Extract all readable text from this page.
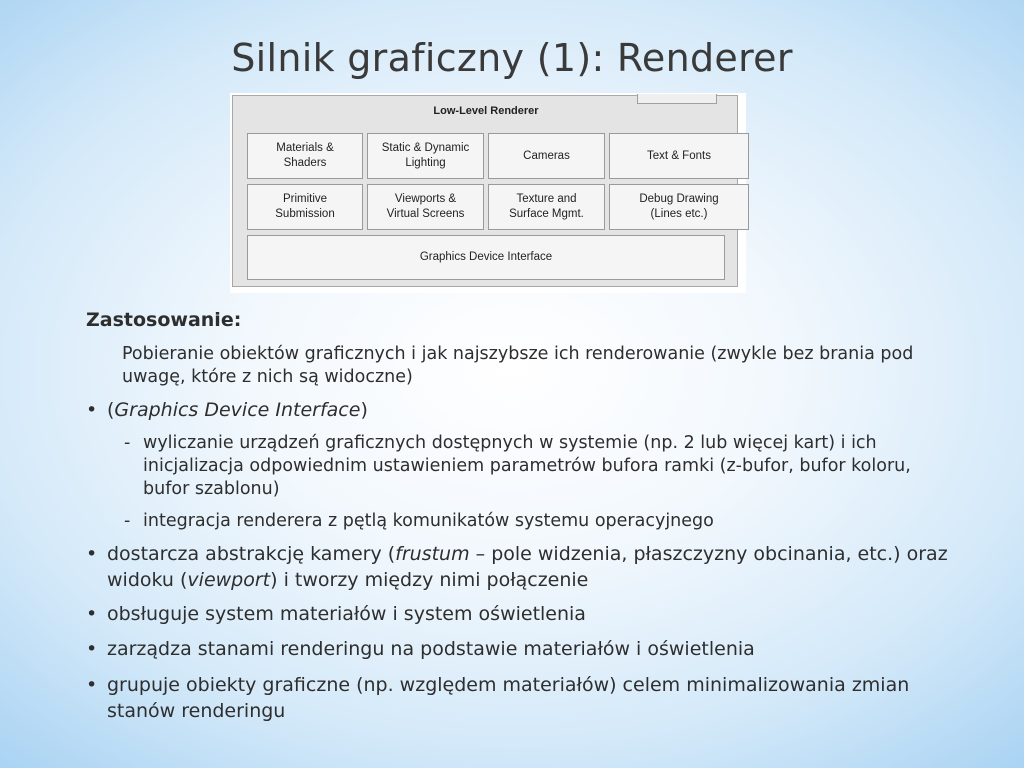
Silnik graficzny (1): Renderer
Low-Level Renderer
Materials &
Shaders
Static & Dynamic
Lighting
Cameras	Text & Fonts
Primitive
Submission
Viewports &
Virtual Screens
Texture and
Surface Mgmt.
Debug Drawing
(Lines etc.)
Graphics Device Interface
Zastosowanie:
Pobieranie obiektów graficznych i jak najszybsze ich renderowanie (zwykle bez brania pod uwagę, które z nich są widoczne)
• (Graphics Device Interface)
- wyliczanie urządzeń graficznych dostępnych w systemie (np. 2 lub więcej kart) i ich inicjalizacja odpowiednim ustawieniem parametrów bufora ramki (z-bufor, bufor koloru, bufor szablonu)
- integracja renderera z pętlą komunikatów systemu operacyjnego
• dostarcza abstrakcję kamery (frustum – pole widzenia, płaszczyzny obcinania, etc.) oraz widoku (viewport) i tworzy między nimi połączenie
• obsługuje system materiałów i system oświetlenia
• zarządza stanami renderingu na podstawie materiałów i oświetlenia
• grupuje obiekty graficzne (np. względem materiałów) celem minimalizowania zmian stanów renderingu
